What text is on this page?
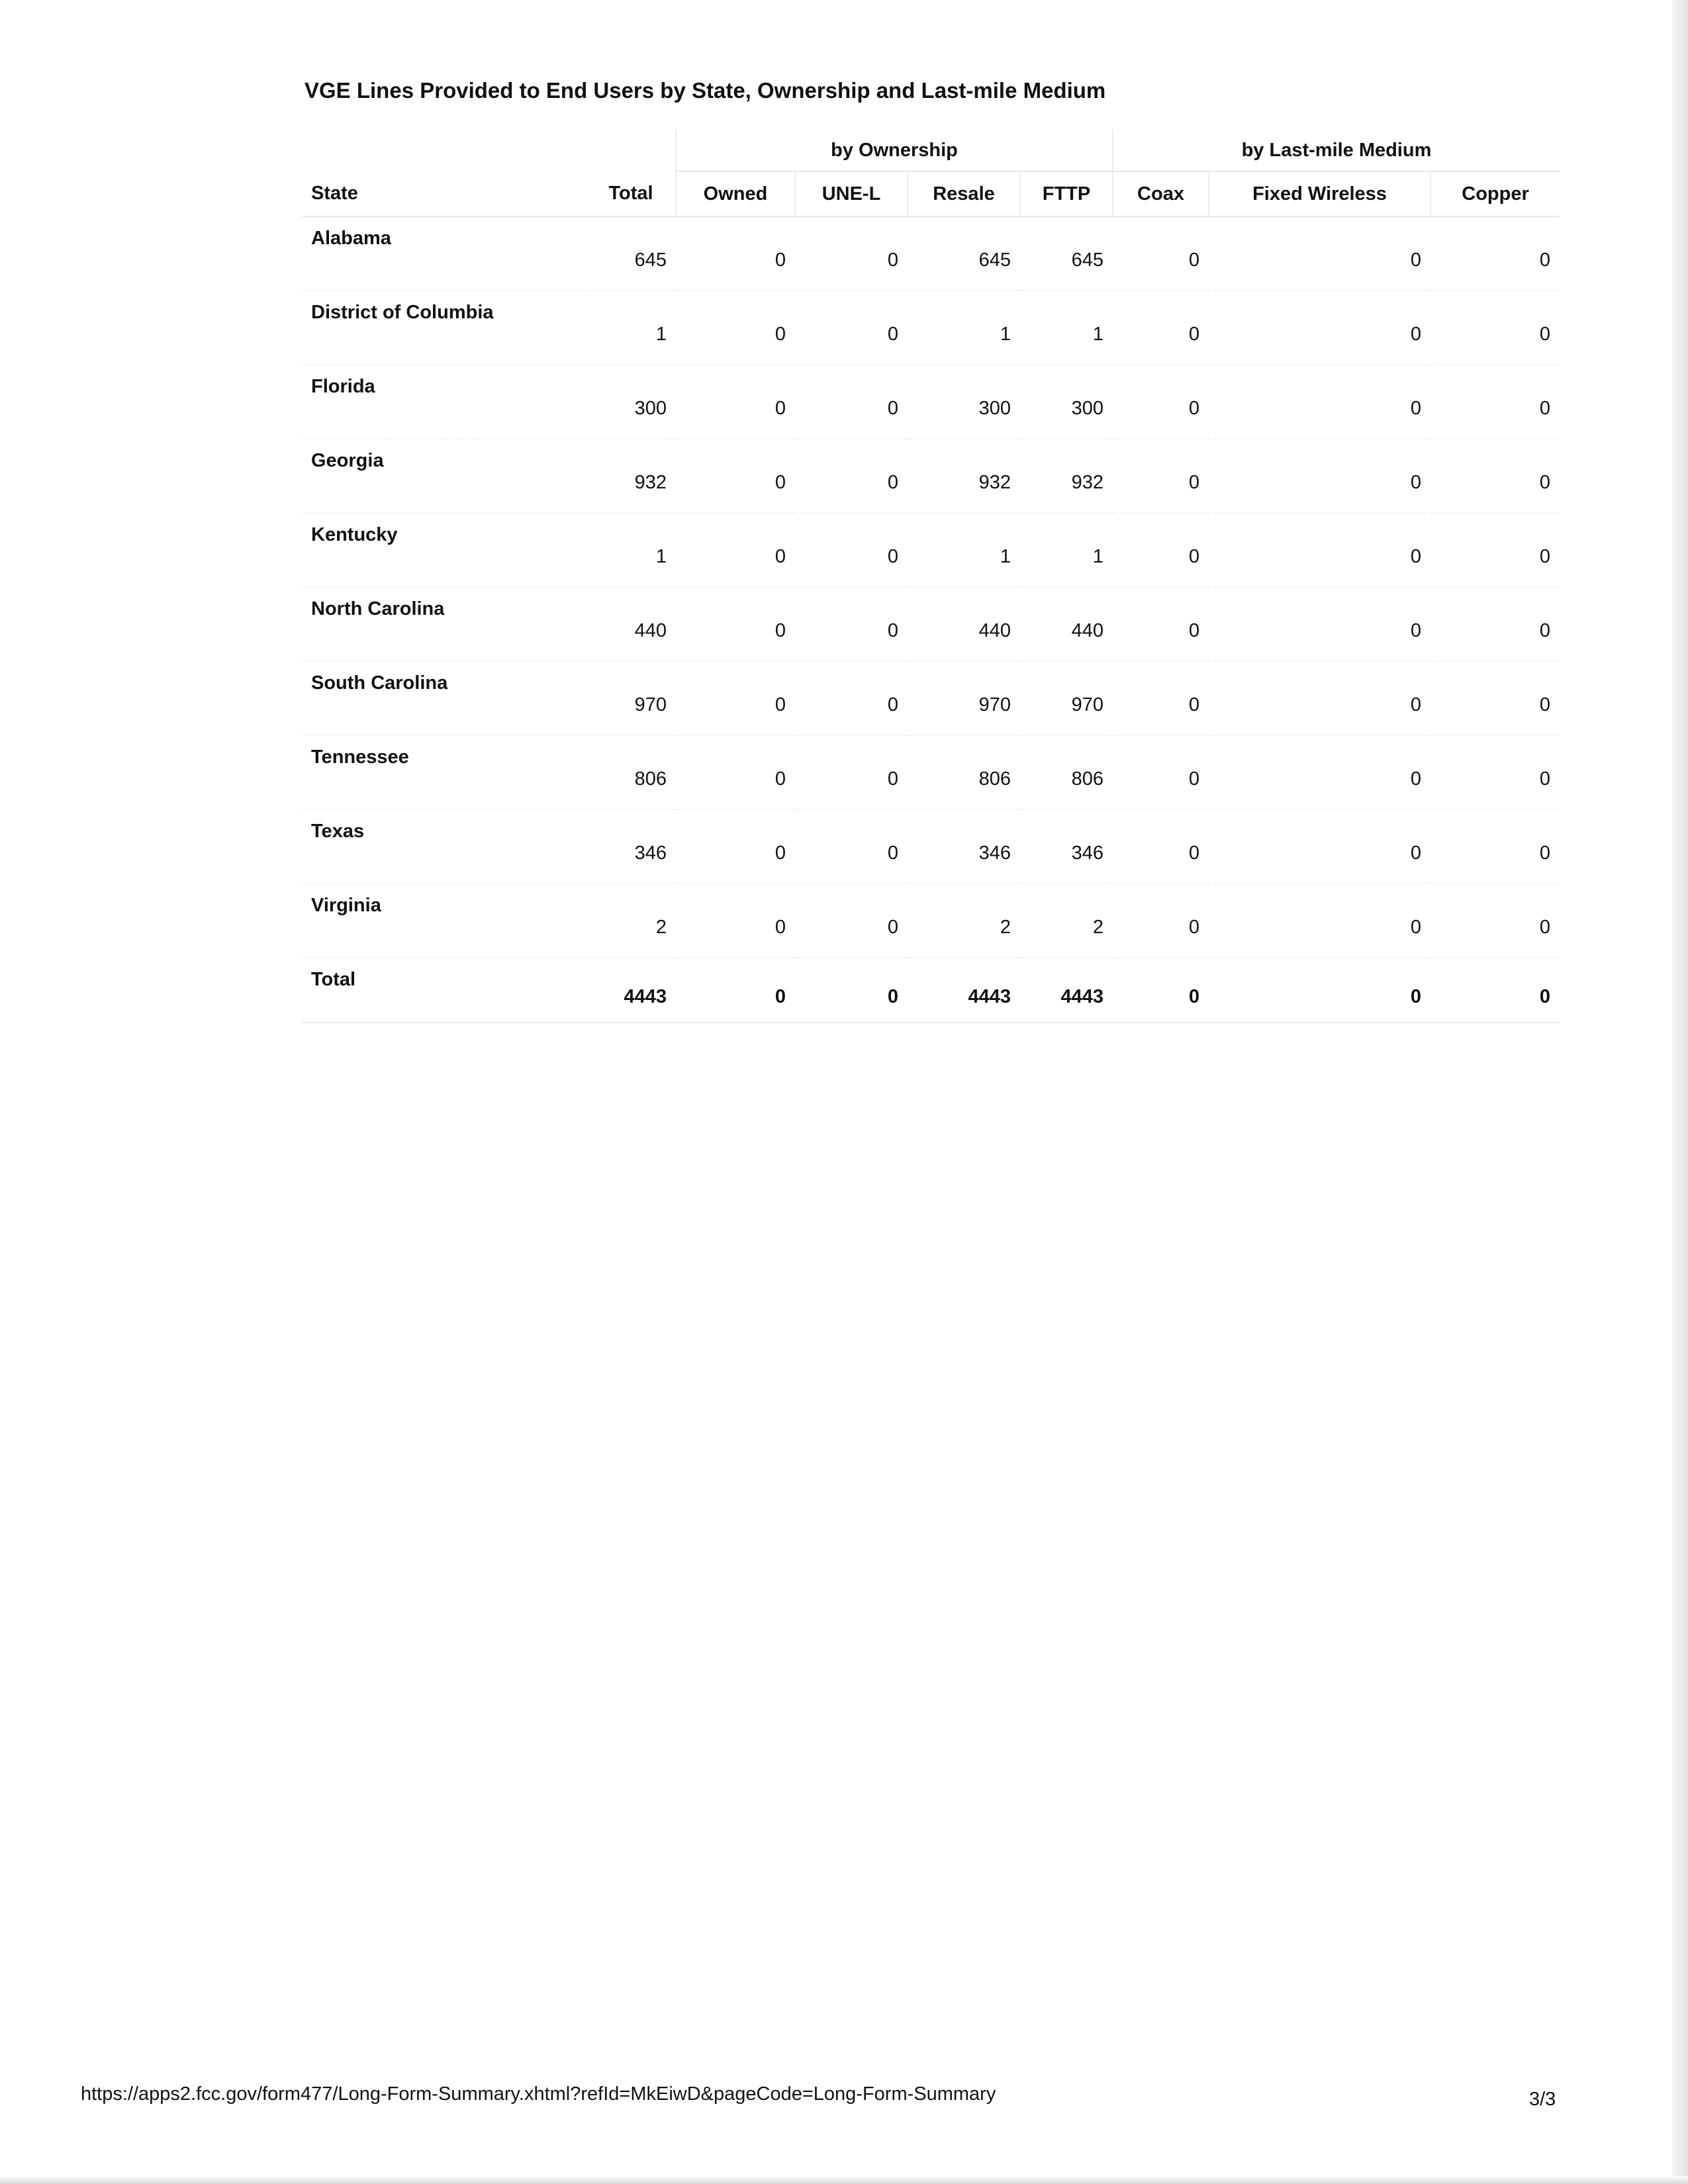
VGE Lines Provided to End Users by State, Ownership and Last-mile Medium
		by Ownership				by Last-mile Medium		
State	Total	Owned	UNE-L	Resale	FTTP	Coax	Fixed Wireless	Copper
Alabama	645	0	0	645	645	0	0	0
District of Columbia	1	0	0	1	1	0	0	0
Florida	300	0	0	300	300	0	0	0
Georgia	932	0	0	932	932	0	0	0
Kentucky	1	0	0	1	1	0	0	0
North Carolina	440	0	0	440	440	0	0	0
South Carolina	970	0	0	970	970	0	0	0
Tennessee	806	0	0	806	806	0	0	0
Texas	346	0	0	346	346	0	0	0
Virginia	2	0	0	2	2	0	0	0
Total	4443	0	0	4443	4443	0	0	0
https://apps2.fcc.gov/form477/Long-Form-Summary.xhtml?refId=MkEiwD&pageCode=Long-Form-Summary	3/3
